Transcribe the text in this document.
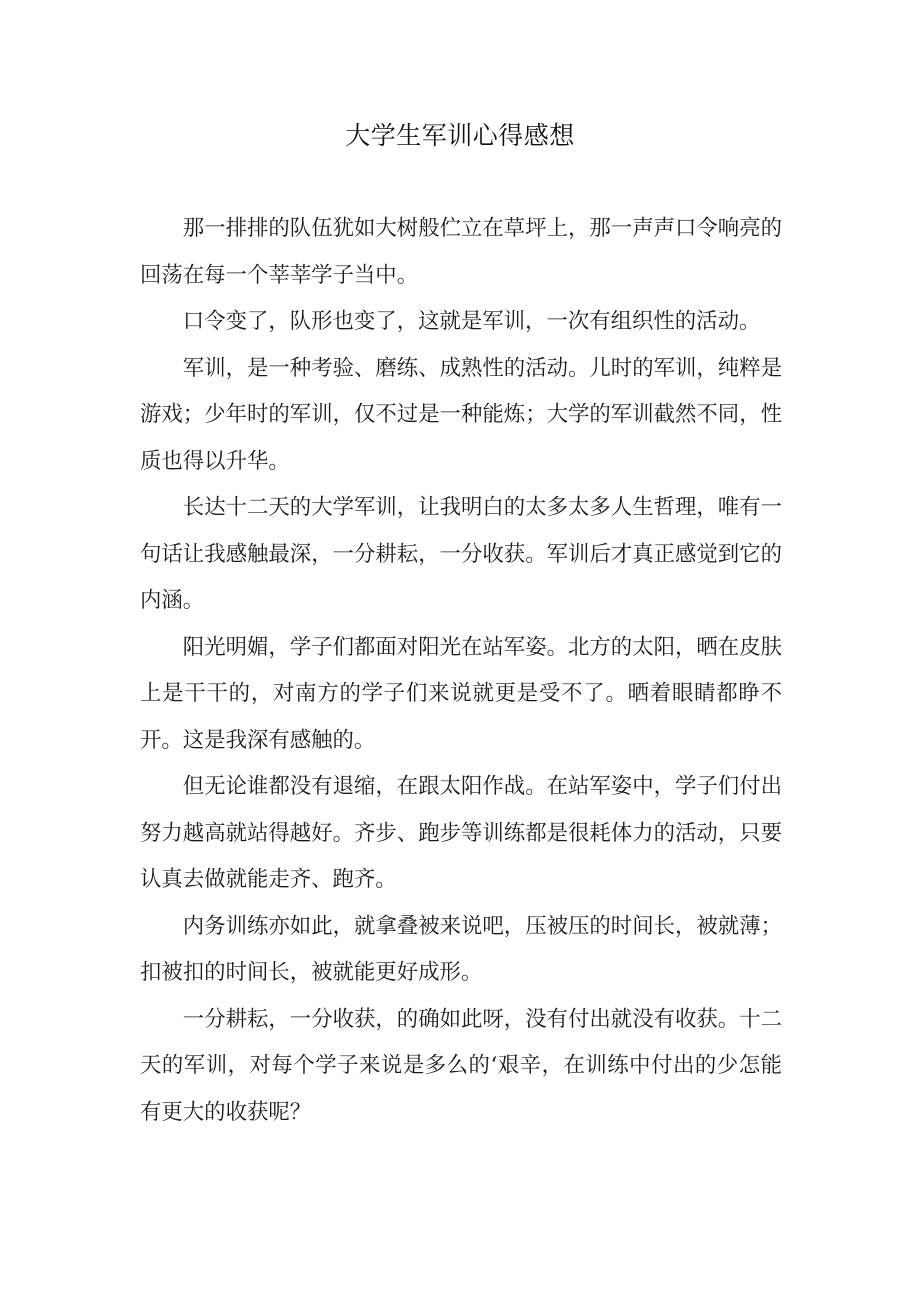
大学生军训心得感想

那一排排的队伍犹如大树般伫立在草坪上，那一声声口令响亮的回荡在每一个莘莘学子当中。

口令变了，队形也变了，这就是军训，一次有组织性的活动。

军训，是一种考验、磨练、成熟性的活动。儿时的军训，纯粹是游戏；少年时的军训，仅不过是一种能炼；大学的军训截然不同，性质也得以升华。

长达十二天的大学军训，让我明白的太多太多人生哲理，唯有一句话让我感触最深，一分耕耘，一分收获。军训后才真正感觉到它的内涵。

阳光明媚，学子们都面对阳光在站军姿。北方的太阳，晒在皮肤上是干干的，对南方的学子们来说就更是受不了。晒着眼睛都睁不开。这是我深有感触的。

但无论谁都没有退缩，在跟太阳作战。在站军姿中，学子们付出努力越高就站得越好。齐步、跑步等训练都是很耗体力的活动，只要认真去做就能走齐、跑齐。

内务训练亦如此，就拿叠被来说吧，压被压的时间长，被就薄；扣被扣的时间长，被就能更好成形。

一分耕耘，一分收获，的确如此呀，没有付出就没有收获。十二天的军训，对每个学子来说是多么的‘艰辛，在训练中付出的少怎能有更大的收获呢？
